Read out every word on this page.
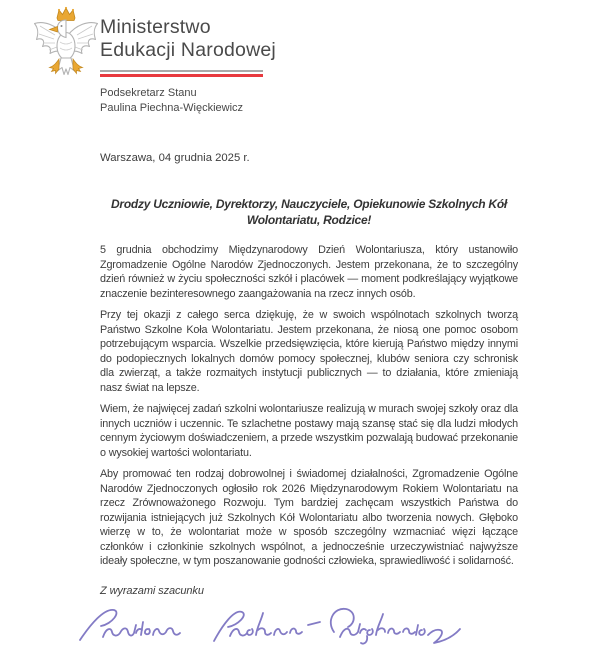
Ministerstwo
Edukacji Narodowej
Podsekretarz Stanu
Paulina Piechna-Więckiewicz
Warszawa, 04 grudnia 2025 r.

Drodzy Uczniowie, Dyrektorzy, Nauczyciele, Opiekunowie Szkolnych Kół Wolontariatu, Rodzice!

5 grudnia obchodzimy Międzynarodowy Dzień Wolontariusza, który ustanowiło Zgromadzenie Ogólne Narodów Zjednoczonych. Jestem przekonana, że to szczególny dzień również w życiu społeczności szkół i placówek — moment podkreślający wyjątkowe znaczenie bezinteresownego zaangażowania na rzecz innych osób.

Przy tej okazji z całego serca dziękuję, że w swoich wspólnotach szkolnych tworzą Państwo Szkolne Koła Wolontariatu. Jestem przekonana, że niosą one pomoc osobom potrzebującym wsparcia. Wszelkie przedsięwzięcia, które kierują Państwo między innymi do podopiecznych lokalnych domów pomocy społecznej, klubów seniora czy schronisk dla zwierząt, a także rozmaitych instytucji publicznych — to działania, które zmieniają nasz świat na lepsze.

Wiem, że najwięcej zadań szkolni wolontariusze realizują w murach swojej szkoły oraz dla innych uczniów i uczennic. Te szlachetne postawy mają szansę stać się dla ludzi młodych cennym życiowym doświadczeniem, a przede wszystkim pozwalają budować przekonanie o wysokiej wartości wolontariatu.

Aby promować ten rodzaj dobrowolnej i świadomej działalności, Zgromadzenie Ogólne Narodów Zjednoczonych ogłosiło rok 2026 Międzynarodowym Rokiem Wolontariatu na rzecz Zrównoważonego Rozwoju. Tym bardziej zachęcam wszystkich Państwa do rozwijania istniejących już Szkolnych Kół Wolontariatu albo tworzenia nowych. Głęboko wierzę w to, że wolontariat może w sposób szczególny wzmacniać więzi łączące członków i członkinie szkolnych wspólnot, a jednocześnie urzeczywistniać najwyższe ideały społeczne, w tym poszanowanie godności człowieka, sprawiedliwość i solidarność.

Z wyrazami szacunku
